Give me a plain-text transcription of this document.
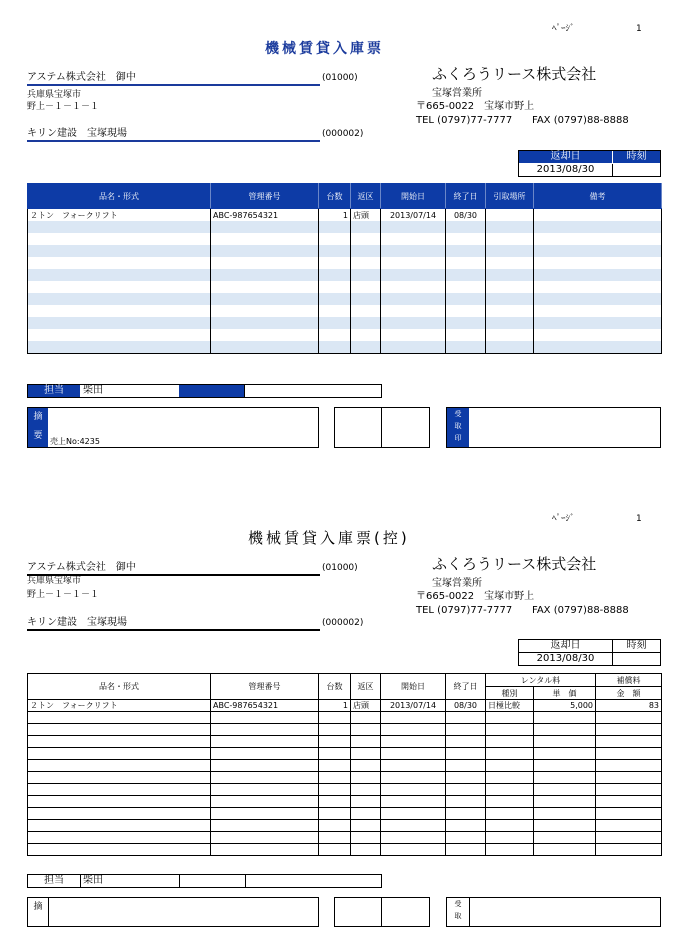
ﾍﾟｰｼﾞ	1
機械賃貸入庫票
アステム株式会社　御中	(01000)
兵庫県宝塚市
野上－１－１－１
キリン建設　宝塚現場	(000002)
ふくろうリース株式会社
宝塚営業所
〒665-0022　宝塚市野上
TEL (0797)77-7777 FAX (0797)88-8888
返却日	時刻
2013/08/30
品名・形式	管理番号	台数	返区	開始日	終了日	引取場所	備考
２トン　フォークリフト	ABC-987654321	1	店頭	2013/07/14	08/30		

担当	柴田
摘
要
売上No:4235
受
取
印
ﾍﾟｰｼﾞ	1
機械賃貸入庫票(控)
アステム株式会社　御中	(01000)
兵庫県宝塚市
野上－１－１－１
キリン建設　宝塚現場	(000002)
ふくろうリース株式会社
宝塚営業所
〒665-0022　宝塚市野上
TEL (0797)77-7777 FAX (0797)88-8888
返却日	時刻
2013/08/30
品名・形式	管理番号	台数	返区	開始日	終了日	レンタル料		補償料
						種別	単　価	金　額
２トン　フォークリフト	ABC-987654321	1	店頭	2013/07/14	08/30	日極比較	5,000	83

担当	柴田
摘	受
取
